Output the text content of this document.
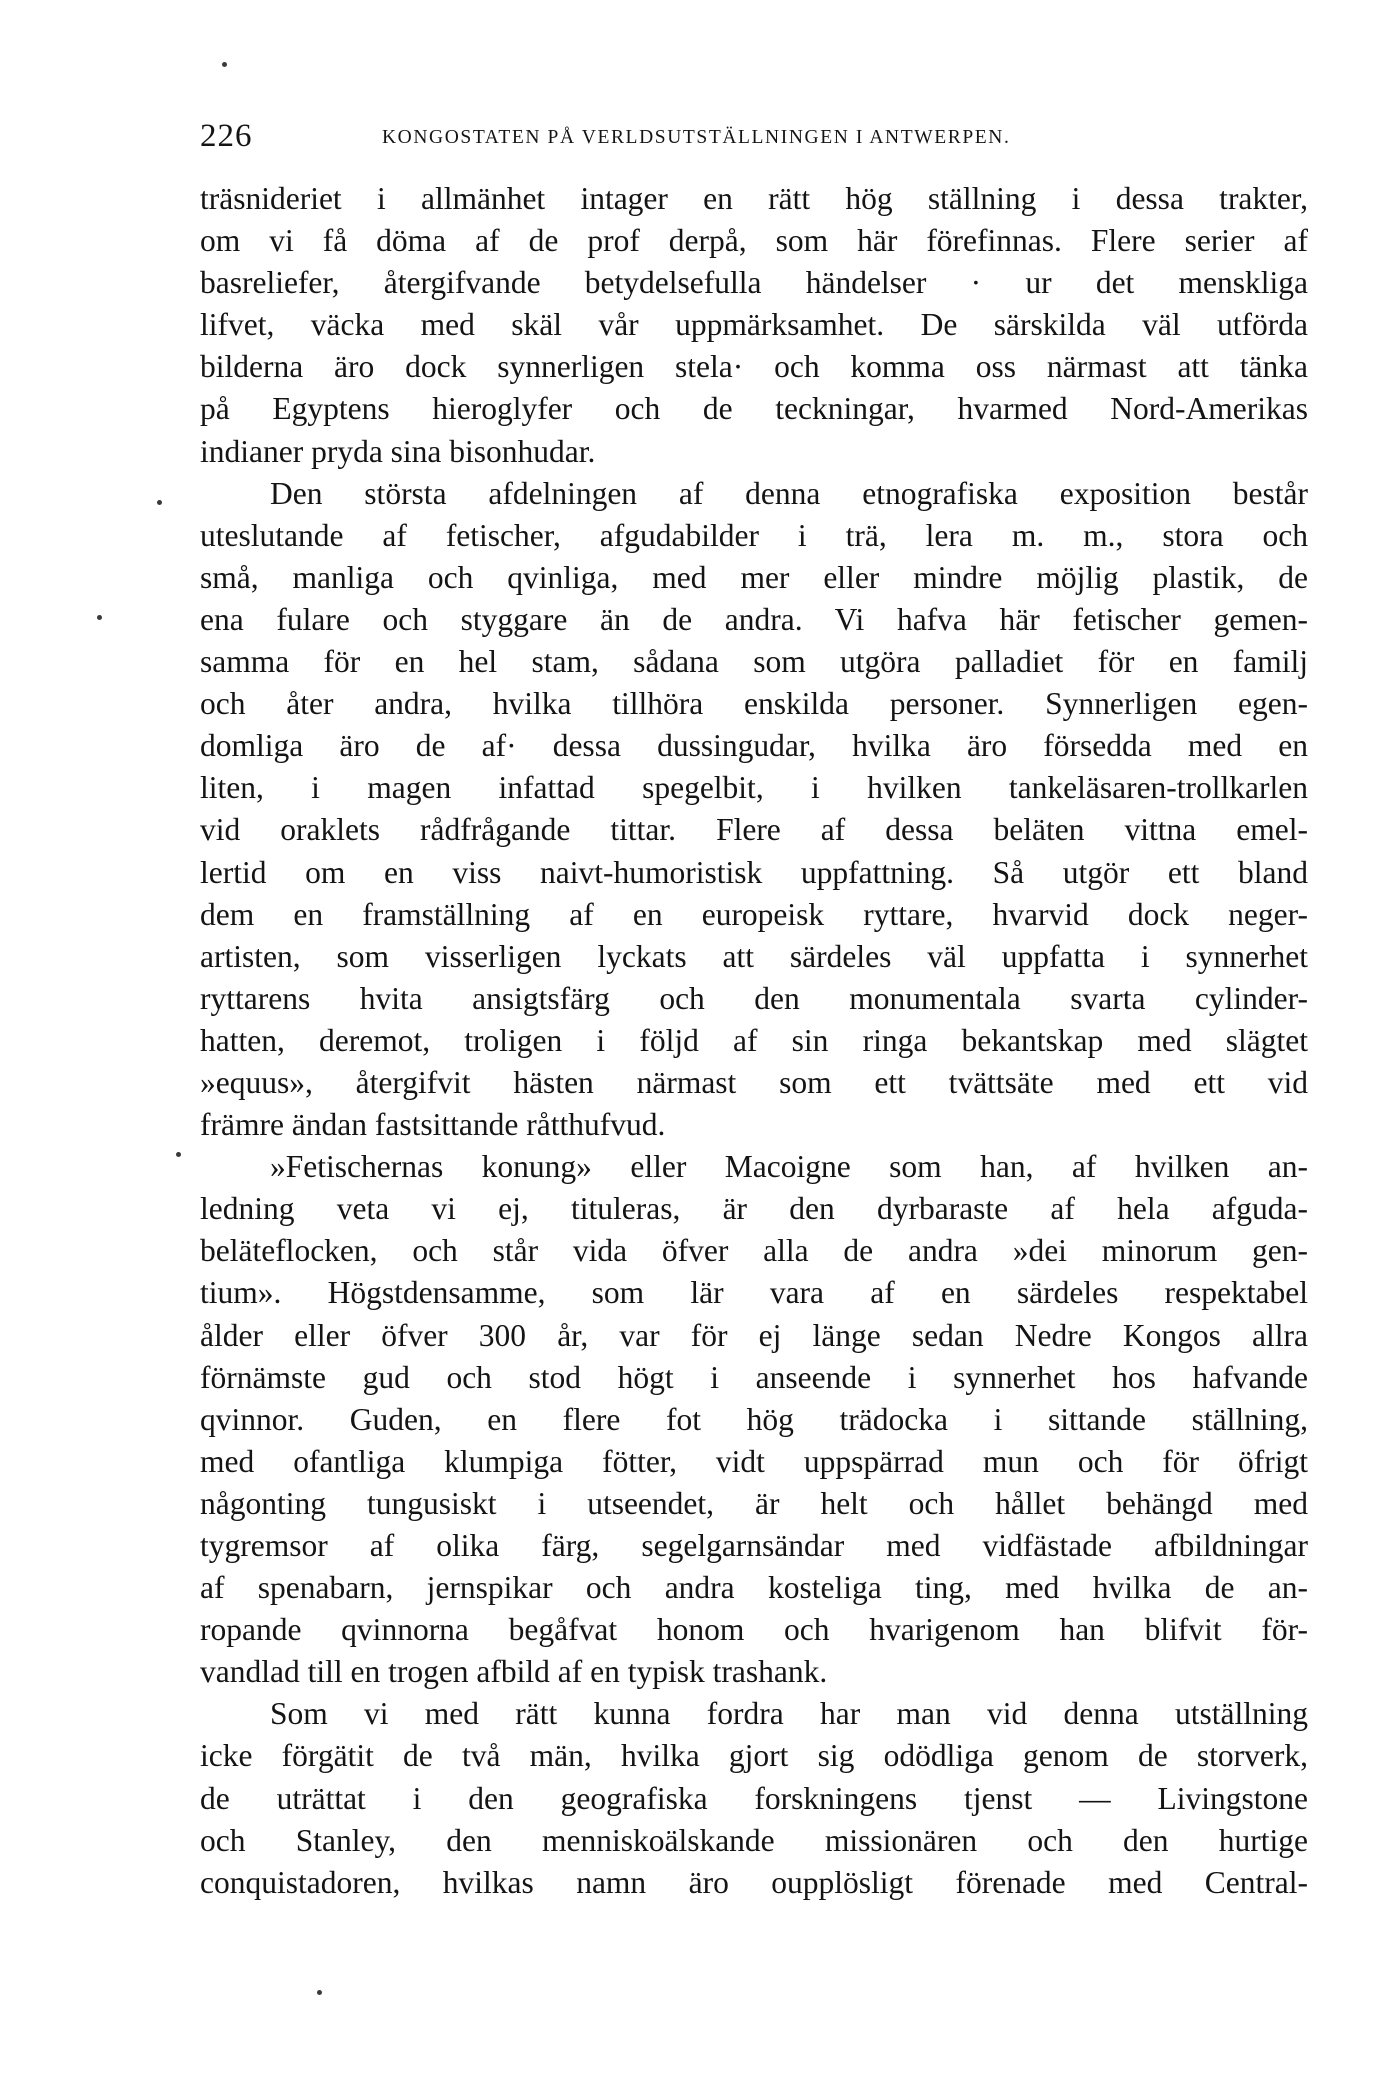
226	KONGOSTATEN PÅ VERLDSUTSTÄLLNINGEN I ANTWERPEN.
träsnideriet i allmänhet intager en rätt hög ställning i dessa trakter,
om vi få döma af de prof derpå, som här förefinnas. Flere serier af
basreliefer, återgifvande betydelsefulla händelser · ur det menskliga
lifvet, väcka med skäl vår uppmärksamhet. De särskilda väl utförda
bilderna äro dock synnerligen stela· och komma oss närmast att tänka
på Egyptens hieroglyfer och de teckningar, hvarmed Nord-Amerikas
indianer pryda sina bisonhudar.
Den största afdelningen af denna etnografiska exposition består
uteslutande af fetischer, afgudabilder i trä, lera m. m., stora och
små, manliga och qvinliga, med mer eller mindre möjlig plastik, de
ena fulare och styggare än de andra. Vi hafva här fetischer gemen-
samma för en hel stam, sådana som utgöra palladiet för en familj
och åter andra, hvilka tillhöra enskilda personer. Synnerligen egen-
domliga äro de af· dessa dussingudar, hvilka äro försedda med en
liten, i magen infattad spegelbit, i hvilken tankeläsaren-trollkarlen
vid oraklets rådfrågande tittar. Flere af dessa beläten vittna emel-
lertid om en viss naivt-humoristisk uppfattning. Så utgör ett bland
dem en framställning af en europeisk ryttare, hvarvid dock neger-
artisten, som visserligen lyckats att särdeles väl uppfatta i synnerhet
ryttarens hvita ansigtsfärg och den monumentala svarta cylinder-
hatten, deremot, troligen i följd af sin ringa bekantskap med slägtet
»equus», återgifvit hästen närmast som ett tvättsäte med ett vid
främre ändan fastsittande råtthufvud.
»Fetischernas konung» eller Macoigne som han, af hvilken an-
ledning veta vi ej, tituleras, är den dyrbaraste af hela afguda-
beläteflocken, och står vida öfver alla de andra »dei minorum gen-
tium». Högstdensamme, som lär vara af en särdeles respektabel
ålder eller öfver 300 år, var för ej länge sedan Nedre Kongos allra
förnämste gud och stod högt i anseende i synnerhet hos hafvande
qvinnor. Guden, en flere fot hög trädocka i sittande ställning,
med ofantliga klumpiga fötter, vidt uppspärrad mun och för öfrigt
någonting tungusiskt i utseendet, är helt och hållet behängd med
tygremsor af olika färg, segelgarnsändar med vidfästade afbildningar
af spenabarn, jernspikar och andra kosteliga ting, med hvilka de an-
ropande qvinnorna begåfvat honom och hvarigenom han blifvit för-
vandlad till en trogen afbild af en typisk trashank.
Som vi med rätt kunna fordra har man vid denna utställning
icke förgätit de två män, hvilka gjort sig odödliga genom de storverk,
de uträttat i den geografiska forskningens tjenst — Livingstone
och Stanley, den menniskoälskande missionären och den hurtige
conquistadoren, hvilkas namn äro oupplösligt förenade med Central-
